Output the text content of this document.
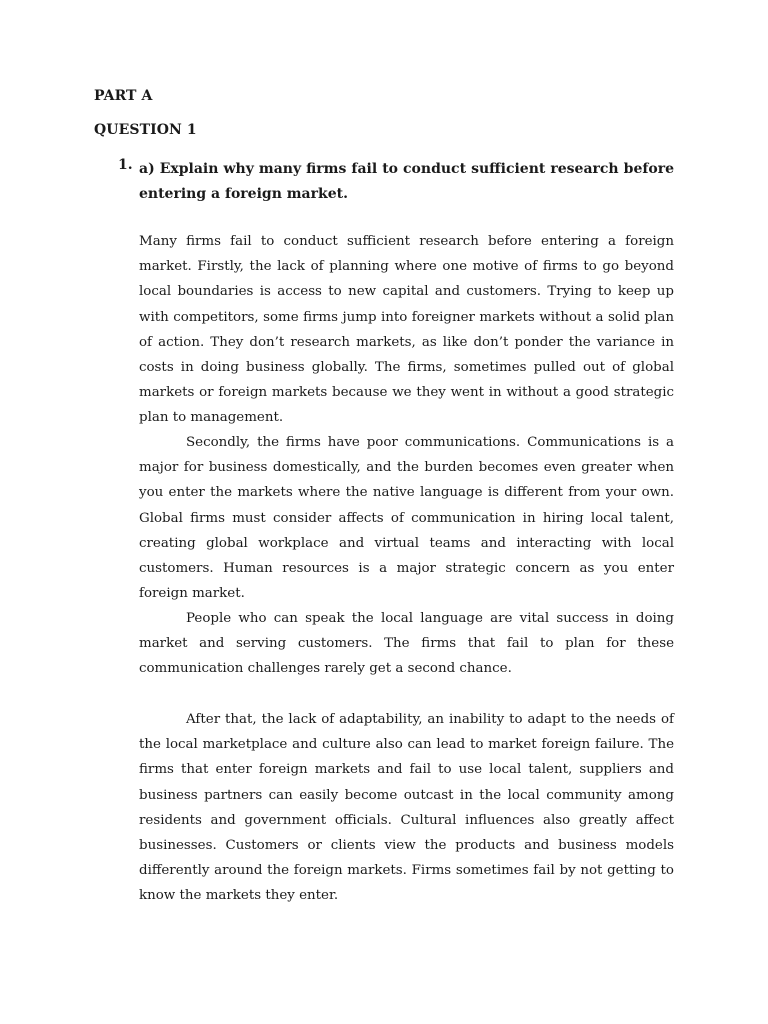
PART A
QUESTION 1
1. a) Explain why many firms fail to conduct sufficient research before entering a foreign market.

Many firms fail to conduct sufficient research before entering a foreign market. Firstly, the lack of planning where one motive of firms to go beyond local boundaries is access to new capital and customers. Trying to keep up with competitors, some firms jump into foreigner markets without a solid plan of action. They don’t research markets, as like don’t ponder the variance in costs in doing business globally. The firms, sometimes pulled out of global markets or foreign markets because we they went in without a good strategic plan to management.

Secondly, the firms have poor communications. Communications is a major for business domestically, and the burden becomes even greater when you enter the markets where the native language is different from your own. Global firms must consider affects of communication in hiring local talent, creating global workplace and virtual teams and interacting with local customers. Human resources is a major strategic concern as you enter foreign market.

People who can speak the local language are vital success in doing market and serving customers. The firms that fail to plan for these communication challenges rarely get a second chance.

After that, the lack of adaptability, an inability to adapt to the needs of the local marketplace and culture also can lead to market foreign failure. The firms that enter foreign markets and fail to use local talent, suppliers and business partners can easily become outcast in the local community among residents and government officials. Cultural influences also greatly affect businesses. Customers or clients view the products and business models differently around the foreign markets. Firms sometimes fail by not getting to know the markets they enter.
